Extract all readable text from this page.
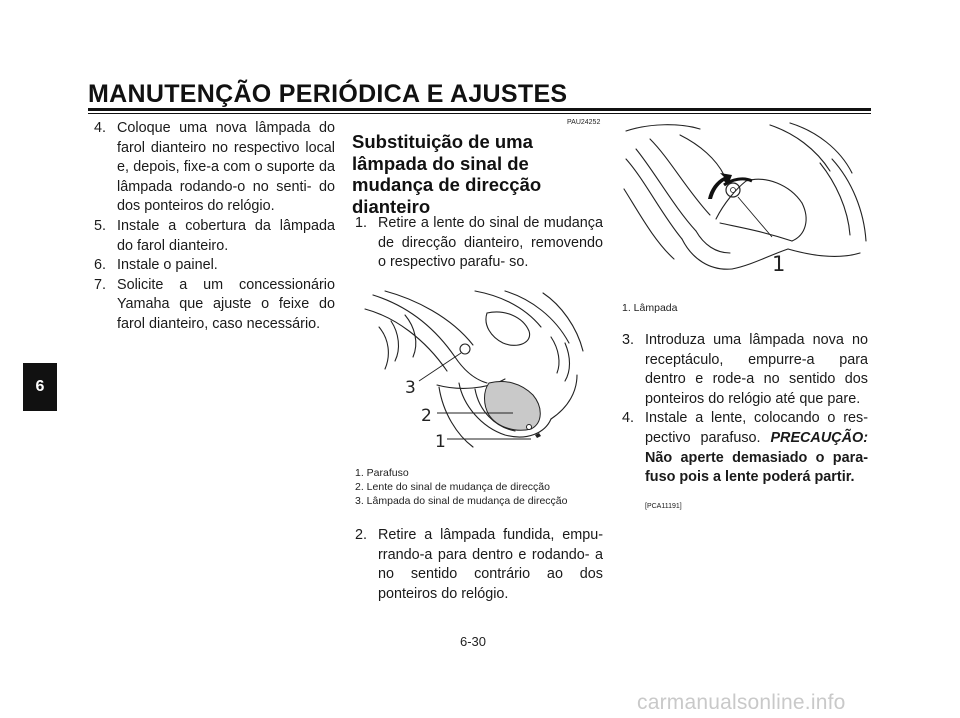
MANUTENÇÃO PERIÓDICA E AJUSTES
6
4. Coloque uma nova lâmpada do farol dianteiro no respectivo local e, depois, fixe-a com o suporte da lâmpada rodando-o no senti- do dos ponteiros do relógio.
5. Instale a cobertura da lâmpada do farol dianteiro.
6. Instale o painel.
7. Solicite a um concessionário Yamaha que ajuste o feixe do farol dianteiro, caso necessário.
PAU24252
Substituição de uma lâmpada do sinal de mudança de direcção dianteiro
1. Retire a lente do sinal de mudança de direcção dianteiro, removendo o respectivo parafu- so.
3
2
1
1. Parafuso
2. Lente do sinal de mudança de direcção
3. Lâmpada do sinal de mudança de direcção
2. Retire a lâmpada fundida, empu- rrando-a para dentro e rodando- a no sentido contrário ao dos ponteiros do relógio.
1
1. Lâmpada
3. Introduza uma lâmpada nova no receptáculo, empurre-a para dentro e rode-a no sentido dos ponteiros do relógio até que pare.
4. Instale a lente, colocando o res- pectivo parafuso. PRECAUÇÃO: Não aperte demasiado o para- fuso pois a lente poderá partir.
[PCA11191]
6-30
carmanualsonline.info
